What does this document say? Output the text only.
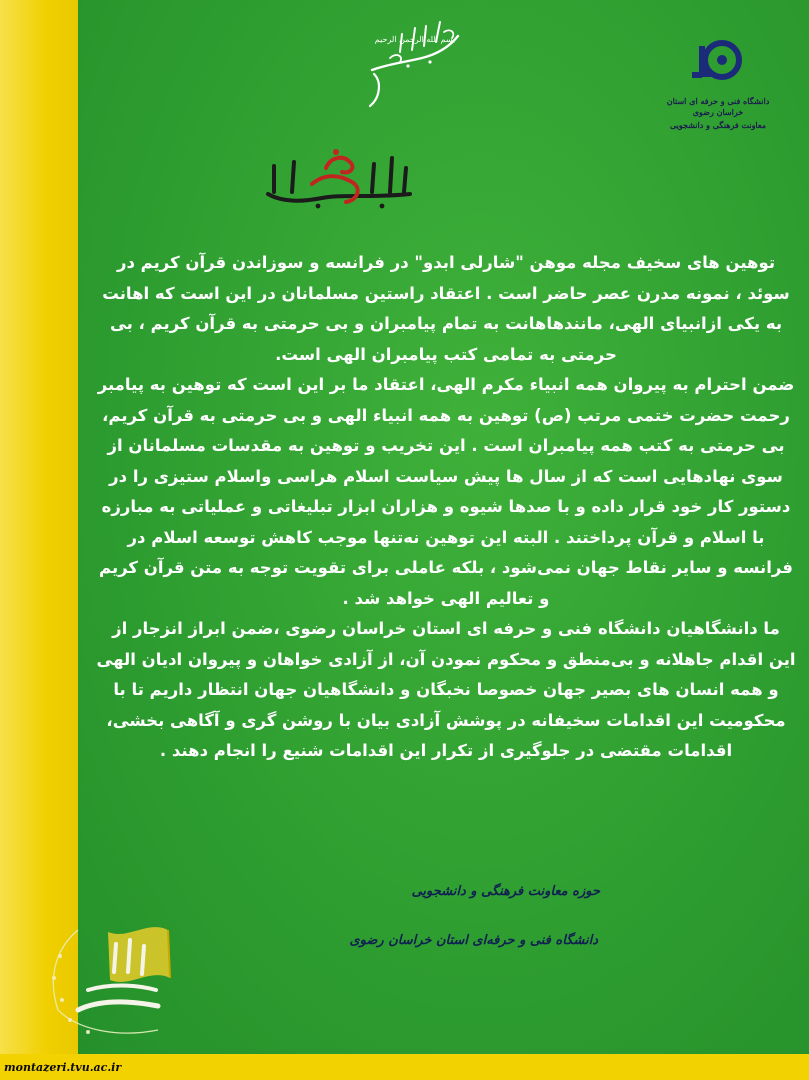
بسم الله الرحمن الرحیم
دانشگاه فنی و حرفه ای استان خراسان رضوی
معاونت فرهنگی و دانشجویی

توهین های سخیف مجله موهن "شارلی ابدو" در فرانسه و سوزاندن قرآن کریم در سوئد ، نمونه مدرن عصر حاضر است . اعتقاد راستین مسلمانان در این است که اهانت به یکی ازانبیای الهی، مانندهاهانت به تمام پیامبران و بی حرمتی به قرآن کریم ، بی حرمتی به تمامی کتب پیامبران الهی است.

ضمن احترام به پیروان همه انبیاء مکرم الهی، اعتقاد ما بر این است که توهین به پیامبر رحمت حضرت ختمی مرتب (ص) توهین به همه انبیاء الهی و بی حرمتی به قرآن کریم، بی حرمتی به کتب همه پیامبران است . این تخریب و توهین به مقدسات مسلمانان از سوی نهادهایی است که از سال ها پیش سیاست اسلام هراسی واسلام ستیزی را در دستور کار خود قرار داده و با صدها شیوه و هزاران ابزار تبلیغاتی و عملیاتی به مبارزه با اسلام و قرآن پرداختند . البته این توهین نه‌تنها موجب کاهش توسعه اسلام در فرانسه و سایر نقاط جهان نمی‌شود ، بلکه عاملی برای تقویت توجه به متن قرآن کریم و تعالیم الهی خواهد شد .

ما دانشگاهیان دانشگاه فنی و حرفه ای استان خراسان رضوی ،ضمن ابراز انزجار از این اقدام جاهلانه و بی‌منطق و محکوم نمودن آن، از آزادی خواهان و پیروان ادیان الهی و همه انسان های بصیر جهان خصوصا نخبگان و دانشگاهیان جهان انتظار داریم تا با محکومیت این اقدامات سخیفانه در پوشش آزادی بیان با روشن گری و آگاهی بخشی، اقدامات مقتضی در جلوگیری از تکرار این اقدامات شنیع را انجام دهند .

حوزه معاونت فرهنگی و دانشجویی
دانشگاه فنی و حرفه‌ای استان خراسان رضوی
montazeri.tvu.ac.ir
